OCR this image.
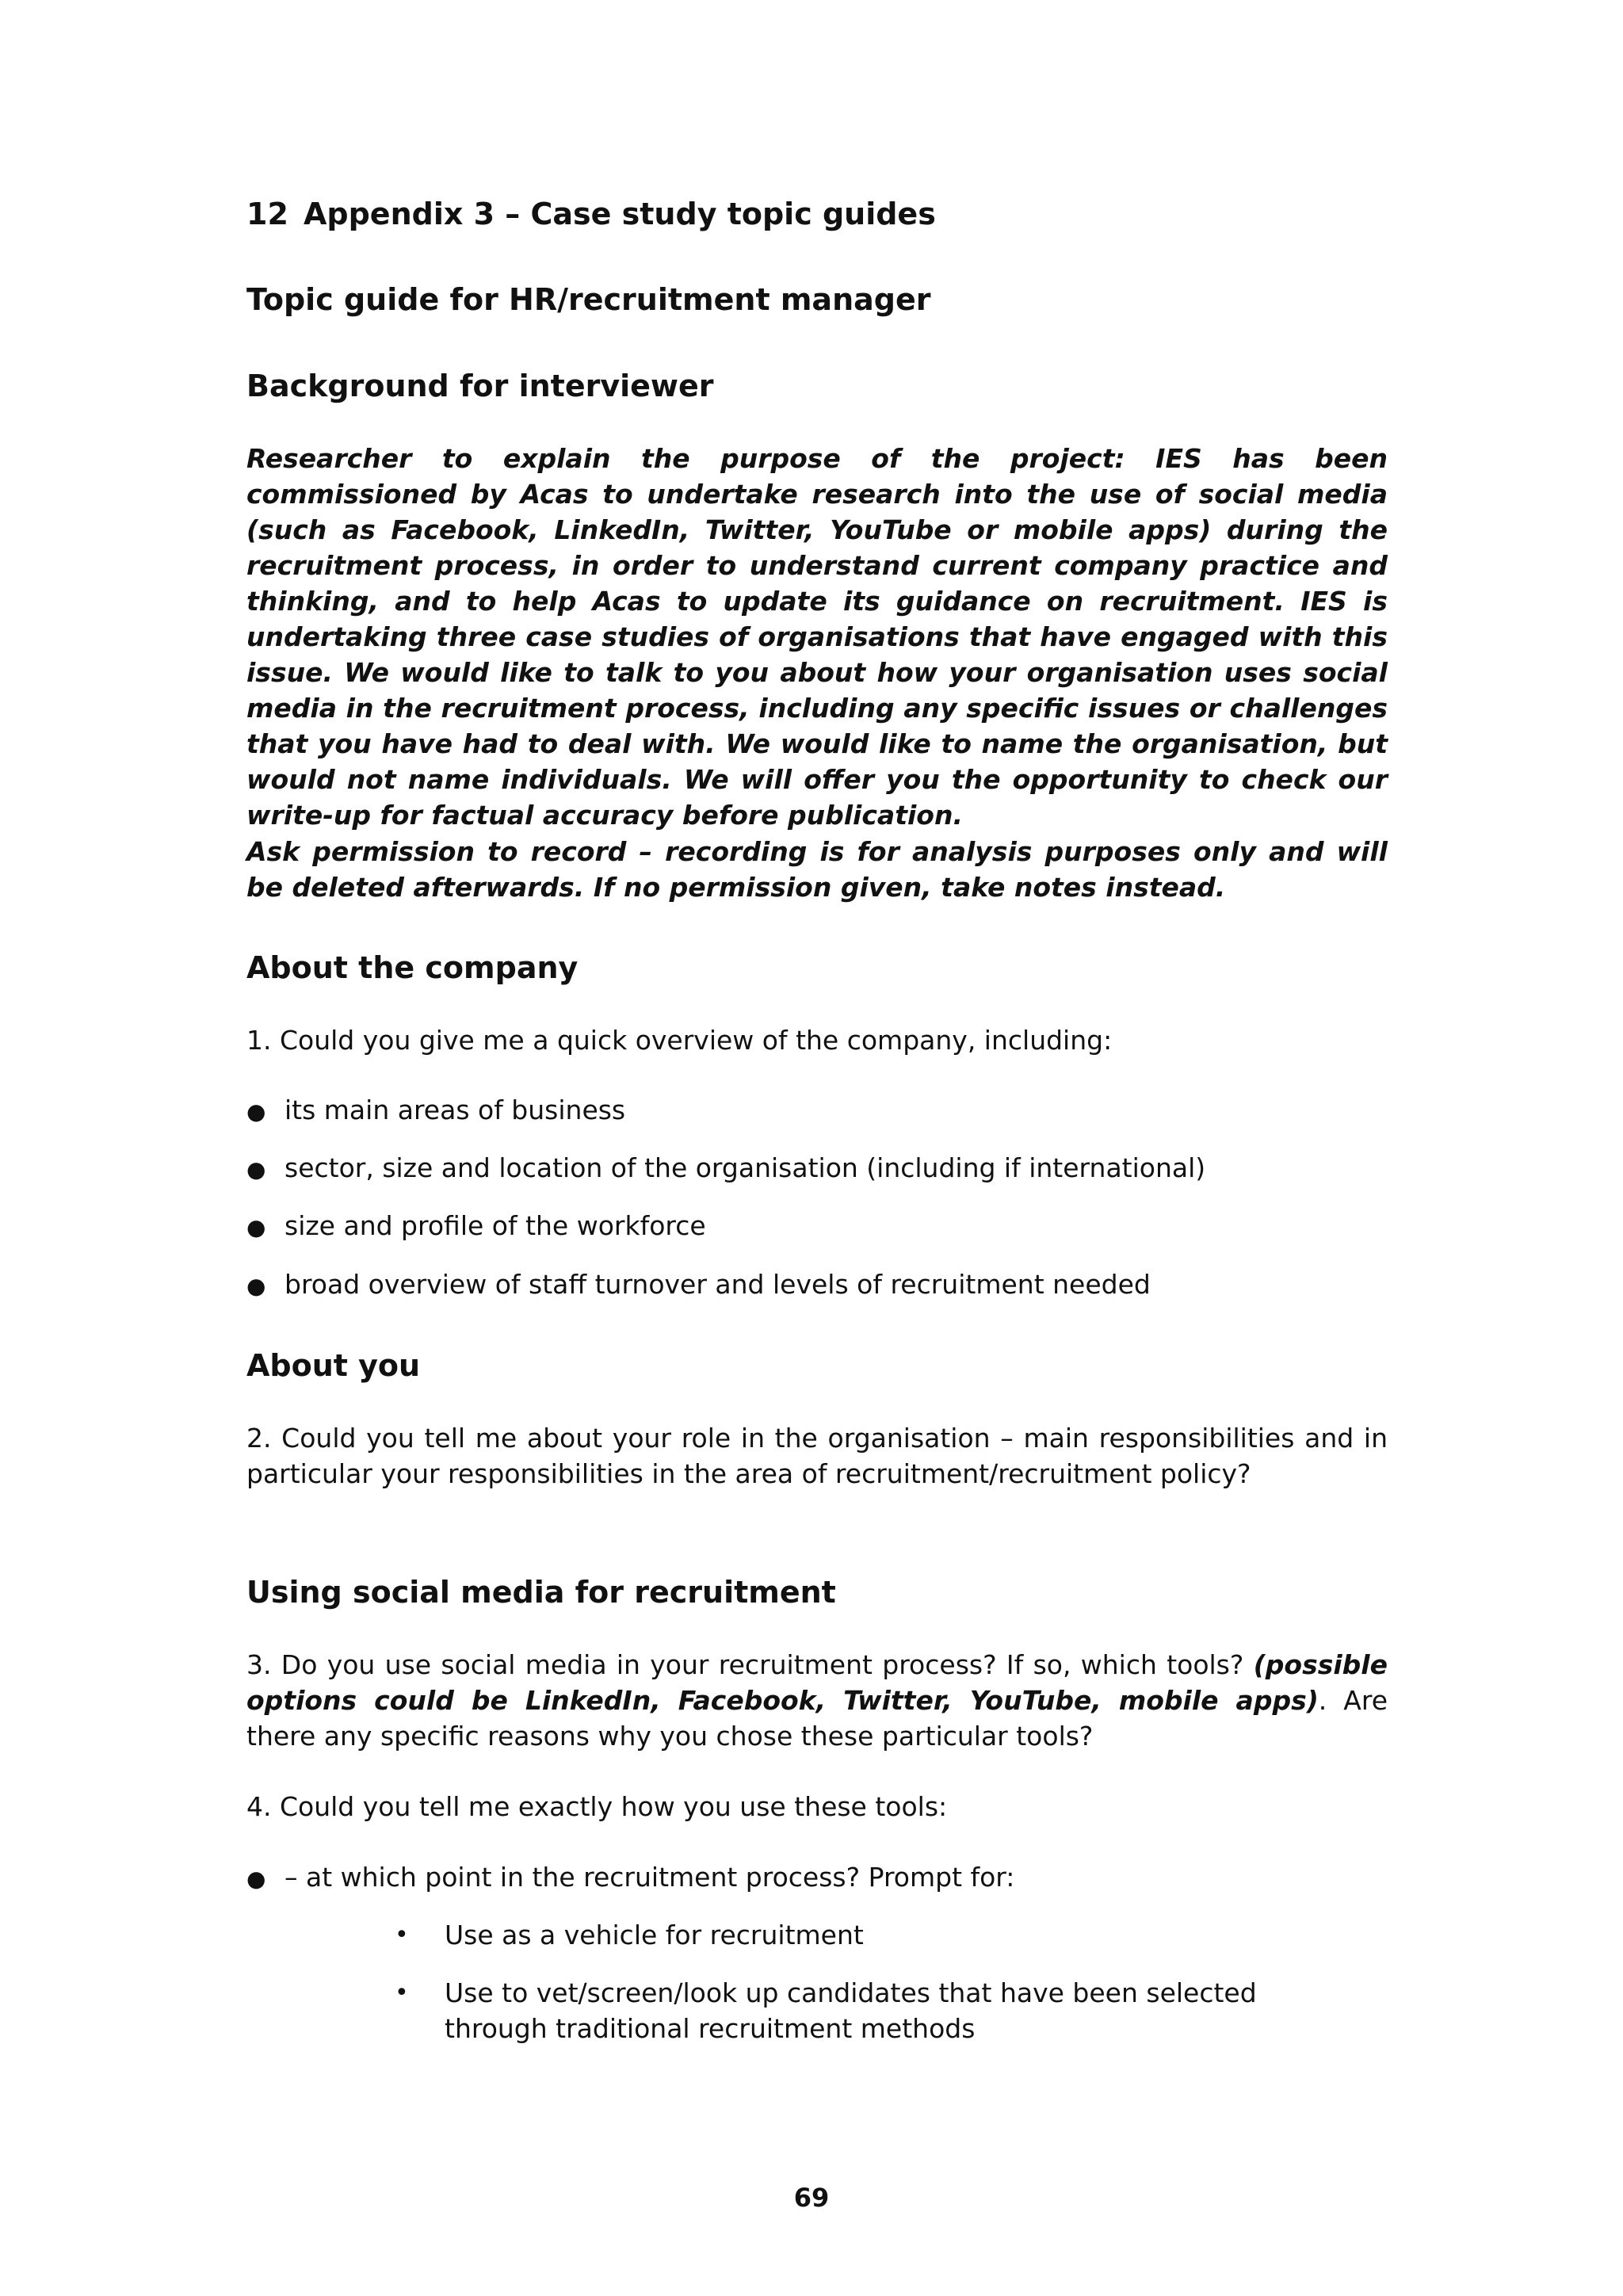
12 Appendix 3 – Case study topic guides
Topic guide for HR/recruitment manager
Background for interviewer
Researcher to explain the purpose of the project: IES has been commissioned by Acas to undertake research into the use of social media (such as Facebook, LinkedIn, Twitter, YouTube or mobile apps) during the recruitment process, in order to understand current company practice and thinking, and to help Acas to update its guidance on recruitment. IES is undertaking three case studies of organisations that have engaged with this issue. We would like to talk to you about how your organisation uses social media in the recruitment process, including any specific issues or challenges that you have had to deal with. We would like to name the organisation, but would not name individuals. We will offer you the opportunity to check our write-up for factual accuracy before publication.
Ask permission to record – recording is for analysis purposes only and will be deleted afterwards. If no permission given, take notes instead.
About the company
1. Could you give me a quick overview of the company, including:
● its main areas of business
● sector, size and location of the organisation (including if international)
● size and profile of the workforce
● broad overview of staff turnover and levels of recruitment needed
About you
2. Could you tell me about your role in the organisation – main responsibilities and in particular your responsibilities in the area of recruitment/recruitment policy?
Using social media for recruitment
3. Do you use social media in your recruitment process? If so, which tools? (possible options could be LinkedIn, Facebook, Twitter, YouTube, mobile apps). Are there any specific reasons why you chose these particular tools?
4. Could you tell me exactly how you use these tools:
● – at which point in the recruitment process? Prompt for:
•	Use as a vehicle for recruitment
•	Use to vet/screen/look up candidates that have been selected through traditional recruitment methods
69
